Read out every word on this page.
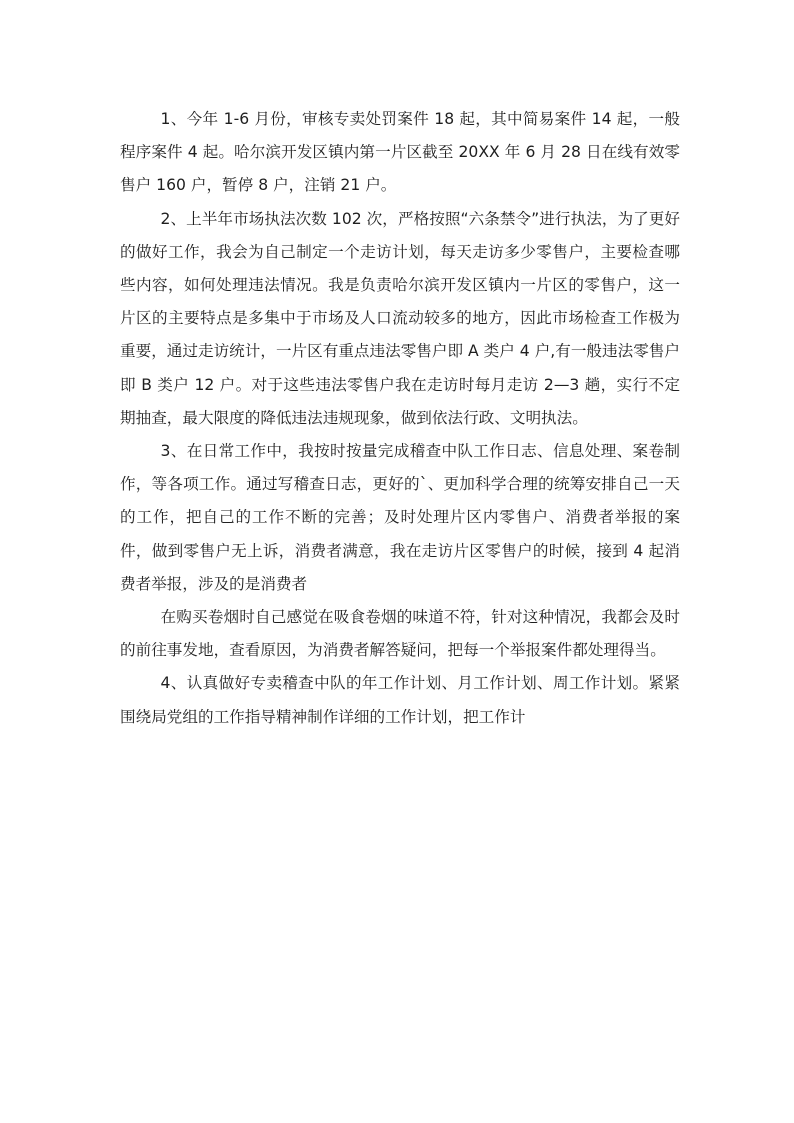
1、今年 1-6 月份，审核专卖处罚案件 18 起，其中简易案件 14 起，一般程序案件 4 起。哈尔滨开发区镇内第一片区截至 20XX 年 6 月 28 日在线有效零售户 160 户，暂停 8 户，注销 21 户。

2、上半年市场执法次数 102 次，严格按照“六条禁令”进行执法，为了更好的做好工作，我会为自己制定一个走访计划，每天走访多少零售户，主要检查哪些内容，如何处理违法情况。我是负责哈尔滨开发区镇内一片区的零售户，这一片区的主要特点是多集中于市场及人口流动较多的地方，因此市场检查工作极为重要，通过走访统计，一片区有重点违法零售户即 A 类户 4 户,有一般违法零售户即 B 类户 12 户。对于这些违法零售户我在走访时每月走访 2—3 趟，实行不定期抽查，最大限度的降低违法违规现象，做到依法行政、文明执法。

3、在日常工作中，我按时按量完成稽查中队工作日志、信息处理、案卷制作，等各项工作。通过写稽查日志，更好的`、更加科学合理的统筹安排自己一天的工作，把自己的工作不断的完善；及时处理片区内零售户、消费者举报的案件，做到零售户无上诉，消费者满意，我在走访片区零售户的时候，接到 4 起消费者举报，涉及的是消费者

在购买卷烟时自己感觉在吸食卷烟的味道不符，针对这种情况，我都会及时的前往事发地，查看原因，为消费者解答疑问，把每一个举报案件都处理得当。

4、认真做好专卖稽查中队的年工作计划、月工作计划、周工作计划。紧紧围绕局党组的工作指导精神制作详细的工作计划，把工作计
